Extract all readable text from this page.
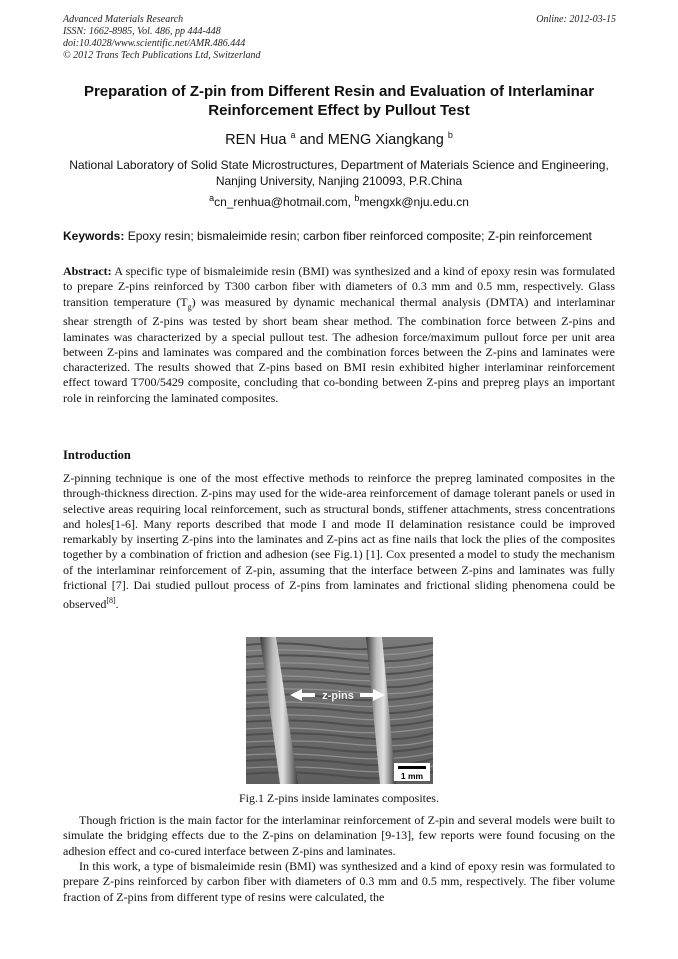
Advanced Materials Research
ISSN: 1662-8985, Vol. 486, pp 444-448
doi:10.4028/www.scientific.net/AMR.486.444
© 2012 Trans Tech Publications Ltd, Switzerland
Online: 2012-03-15
Preparation of Z-pin from Different Resin and Evaluation of Interlaminar Reinforcement Effect by Pullout Test
REN Hua $^a$ and MENG Xiangkang $^b$
National Laboratory of Solid State Microstructures, Department of Materials Science and Engineering, Nanjing University, Nanjing 210093, P.R.China
$^a$cn_renhua@hotmail.com, $^b$mengxk@nju.edu.cn
Keywords: Epoxy resin; bismaleimide resin; carbon fiber reinforced composite; Z-pin reinforcement
Abstract: A specific type of bismaleimide resin (BMI) was synthesized and a kind of epoxy resin was formulated to prepare Z-pins reinforced by T300 carbon fiber with diameters of 0.3 mm and 0.5 mm, respectively. Glass transition temperature $(T_g)$ was measured by dynamic mechanical thermal analysis (DMTA) and interlaminar shear strength of Z-pins was tested by short beam shear method. The combination force between Z-pins and laminates was characterized by a special pullout test. The adhesion force/maximum pullout force per unit area between Z-pins and laminates was compared and the combination forces between the Z-pins and laminates were characterized. The results showed that Z-pins based on BMI resin exhibited higher interlaminar reinforcement effect toward T700/5429 composite, concluding that co-bonding between Z-pins and prepreg plays an important role in reinforcing the laminated composites.
Introduction
Z-pinning technique is one of the most effective methods to reinforce the prepreg laminated composites in the through-thickness direction. Z-pins may used for the wide-area reinforcement of damage tolerant panels or used in selective areas requiring local reinforcement, such as structural bonds, stiffener attachments, stress concentrations and holes[1-6]. Many reports described that mode I and mode II delamination resistance could be improved remarkably by inserting Z-pins into the laminates and Z-pins act as fine nails that lock the plies of the composites together by a combination of friction and adhesion (see Fig.1) [1]. Cox presented a model to study the mechanism of the interlaminar reinforcement of Z-pin, assuming that the interface between Z-pins and laminates was fully frictional [7]. Dai studied pullout process of Z-pins from laminates and frictional sliding phenomena could be observed[8].
z-pins
1 mm
Fig.1 Z-pins inside laminates composites.
Though friction is the main factor for the interlaminar reinforcement of Z-pin and several models were built to simulate the bridging effects due to the Z-pins on delamination [9-13], few reports were found focusing on the adhesion effect and co-cured interface between Z-pins and laminates.
In this work, a type of bismaleimide resin (BMI) was synthesized and a kind of epoxy resin was formulated to prepare Z-pins reinforced by carbon fiber with diameters of 0.3 mm and 0.5 mm, respectively. The fiber volume fraction of Z-pins from different type of resins were calculated, the
